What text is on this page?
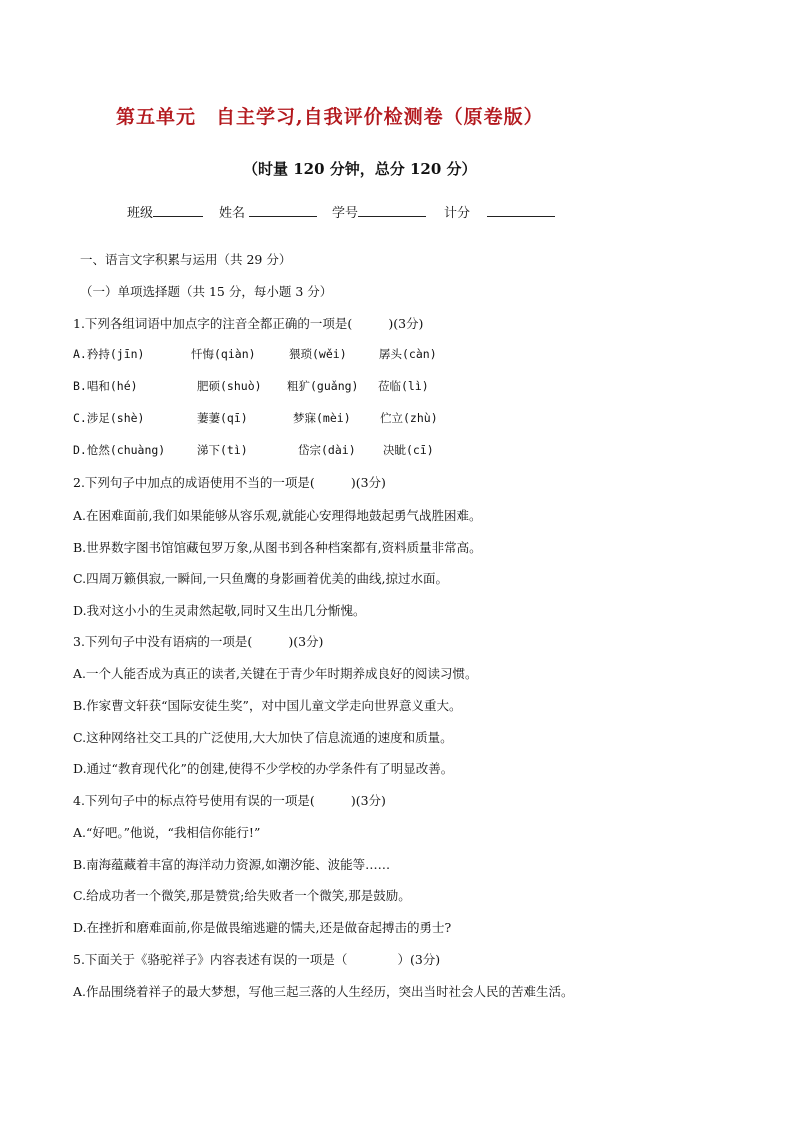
第五单元　自主学习,自我评价检测卷（原卷版）
（时量 120 分钟，总分 120 分）
班级	姓名	学号	计分
一、语言文字积累与运用（共 29 分）
（一）单项选择题（共 15 分，每小题 3 分）
1.下列各组词语中加点字的注音全都正确的一项是(	)(3分)
A.矜持(jīn)	忏悔(qiàn)	猥琐(wěi)	孱头(càn)
B.唱和(hé)	肥硕(shuò) 粗犷(guǎng) 莅临(lì)
C.涉足(shè)	萋萋(qī)	梦寐(mèi)	伫立(zhù)
D.怆然(chuàng)	涕下(tì)	岱宗(dài) 决眦(cī)
2.下列句子中加点的成语使用不当的一项是(	)(3分)
A.在困难面前,我们如果能够从容乐观,就能心安理得地鼓起勇气战胜困难。
B.世界数字图书馆馆藏包罗万象,从图书到各种档案都有,资料质量非常高。
C.四周万籁俱寂,一瞬间,一只鱼鹰的身影画着优美的曲线,掠过水面。
D.我对这小小的生灵肃然起敬,同时又生出几分惭愧。
3.下列句子中没有语病的一项是(	)(3分)
A.一个人能否成为真正的读者,关键在于青少年时期养成良好的阅读习惯。
B.作家曹文轩获“国际安徒生奖”，对中国儿童文学走向世界意义重大。
C.这种网络社交工具的广泛使用,大大加快了信息流通的速度和质量。
D.通过“教育现代化”的创建,使得不少学校的办学条件有了明显改善。
4.下列句子中的标点符号使用有误的一项是(	)(3分)
A.“好吧。”他说，“我相信你能行!”
B.南海蕴藏着丰富的海洋动力资源,如潮汐能、波能等……
C.给成功者一个微笑,那是赞赏;给失败者一个微笑,那是鼓励。
D.在挫折和磨难面前,你是做畏缩逃避的懦夫,还是做奋起搏击的勇士?
5.下面关于《骆驼祥子》内容表述有误的一项是（	）(3分)
A.作品围绕着祥子的最大梦想，写他三起三落的人生经历，突出当时社会人民的苦难生活。
